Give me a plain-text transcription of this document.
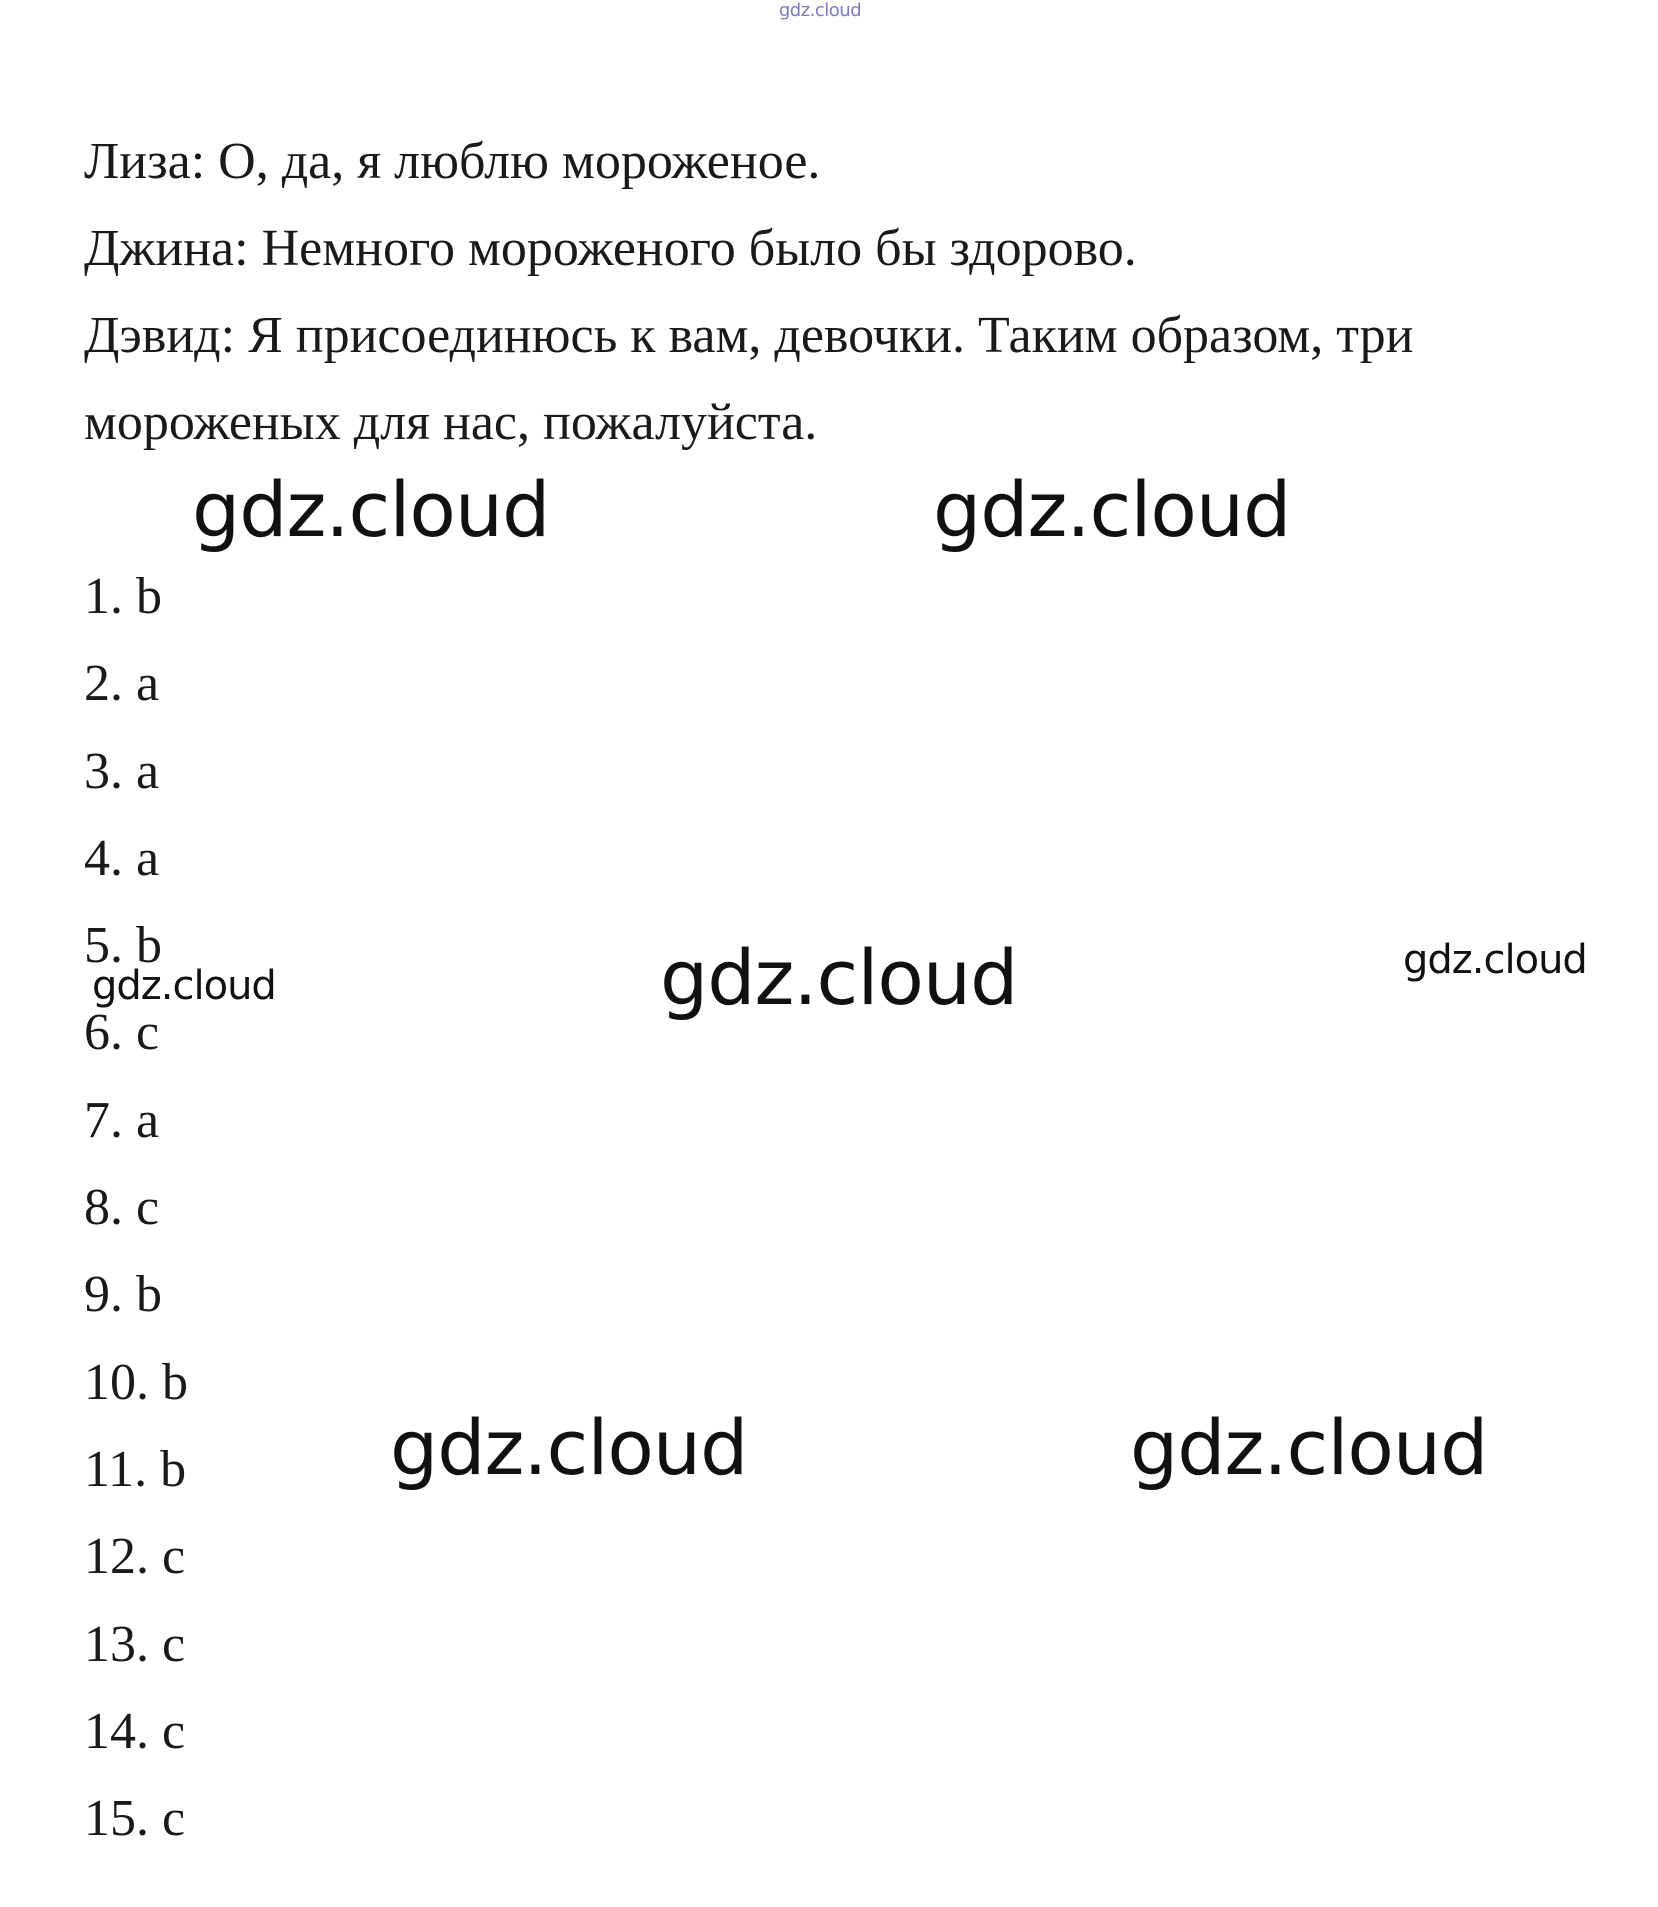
gdz.cloud

Лиза: О, да, я люблю мороженое.

Джина: Немного мороженого было бы здорово.

Дэвид: Я присоединюсь к вам, девочки. Таким образом, три мороженых для нас, пожалуйста.

1. b
2. a
3. a
4. a
5. b
6. c
7. a
8. c
9. b
10. b
11. b
12. c
13. c
14. c
15. c
gdz.cloud	gdz.cloud
gdz.cloud
gdz.cloud
gdz.cloud
gdz.cloud	gdz.cloud
